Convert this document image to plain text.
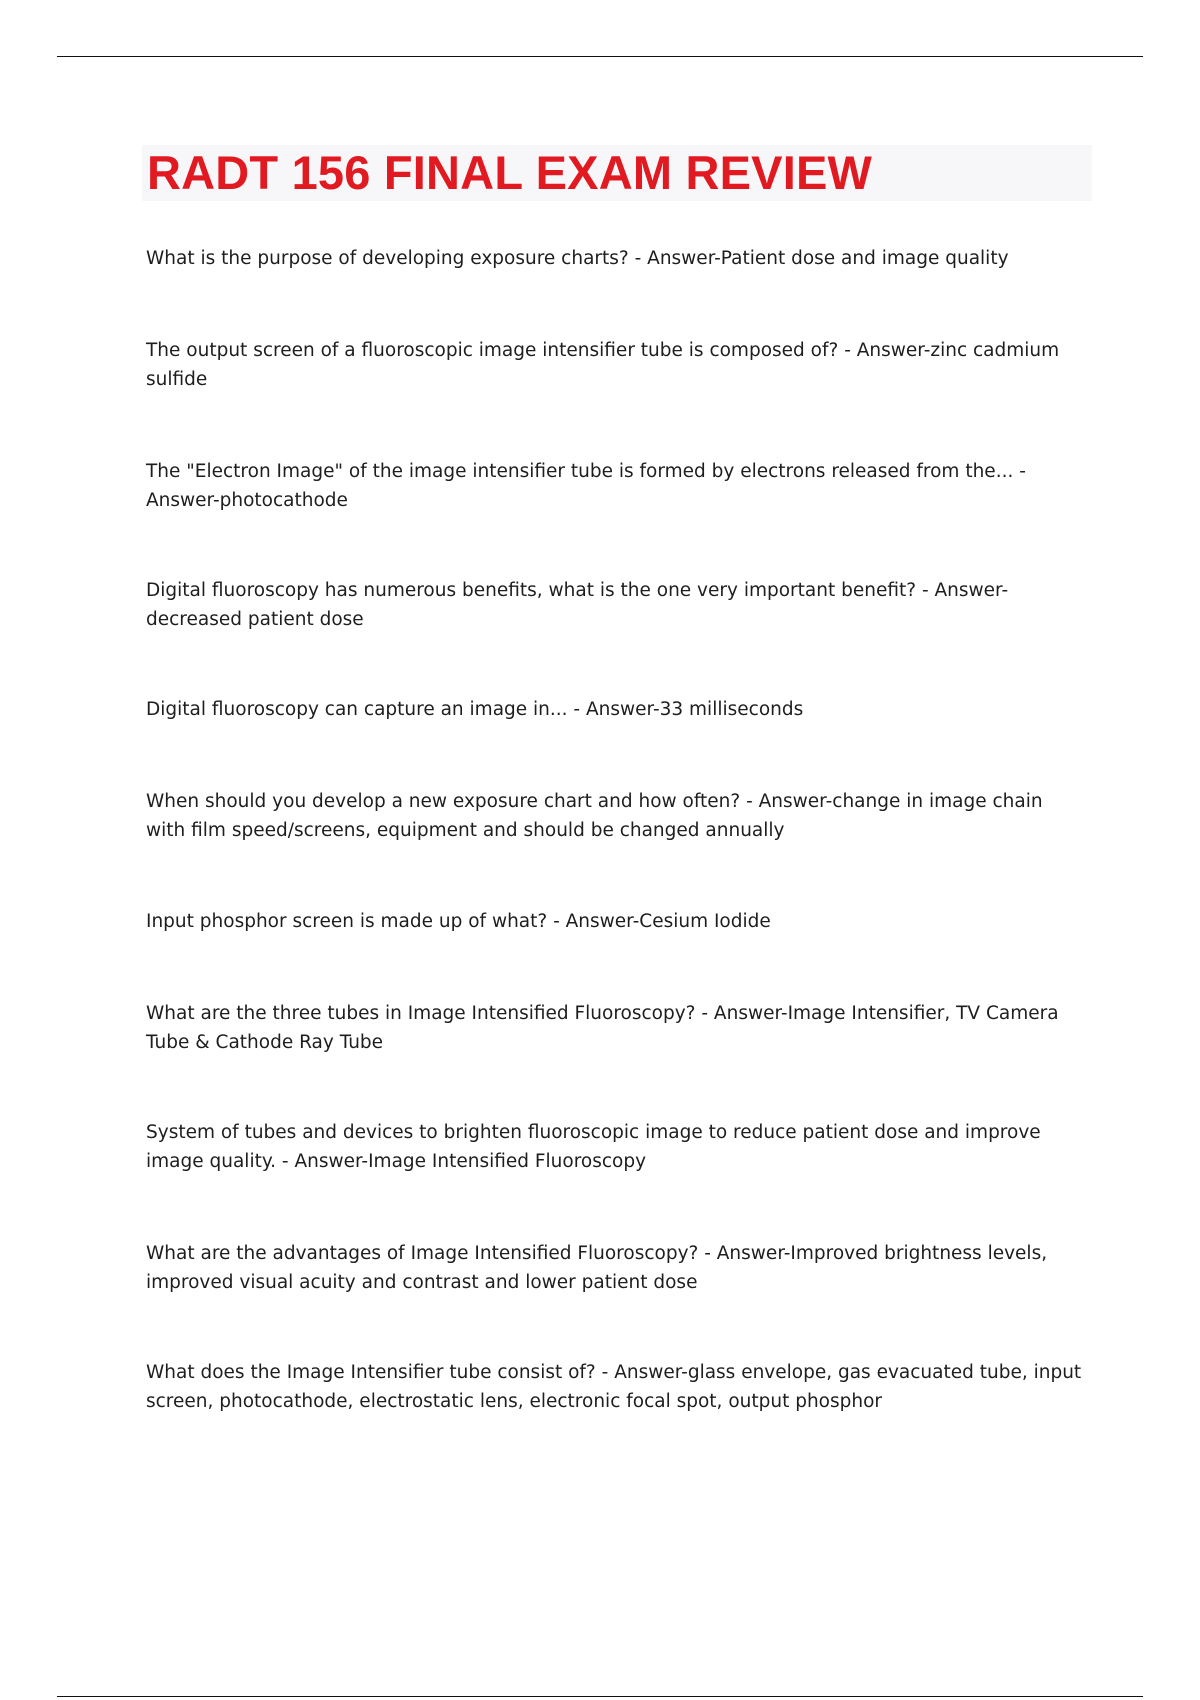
RADT 156 FINAL EXAM REVIEW

What is the purpose of developing exposure charts? - Answer-Patient dose and image quality

The output screen of a fluoroscopic image intensifier tube is composed of? - Answer-zinc cadmium sulfide

The "Electron Image" of the image intensifier tube is formed by electrons released from the... - Answer-photocathode

Digital fluoroscopy has numerous benefits, what is the one very important benefit? - Answer-decreased patient dose

Digital fluoroscopy can capture an image in... - Answer-33 milliseconds

When should you develop a new exposure chart and how often? - Answer-change in image chain with film speed/screens, equipment and should be changed annually

Input phosphor screen is made up of what? - Answer-Cesium Iodide

What are the three tubes in Image Intensified Fluoroscopy? - Answer-Image Intensifier, TV Camera Tube & Cathode Ray Tube

System of tubes and devices to brighten fluoroscopic image to reduce patient dose and improve image quality. - Answer-Image Intensified Fluoroscopy

What are the advantages of Image Intensified Fluoroscopy? - Answer-Improved brightness levels, improved visual acuity and contrast and lower patient dose

What does the Image Intensifier tube consist of? - Answer-glass envelope, gas evacuated tube, input screen, photocathode, electrostatic lens, electronic focal spot, output phosphor
